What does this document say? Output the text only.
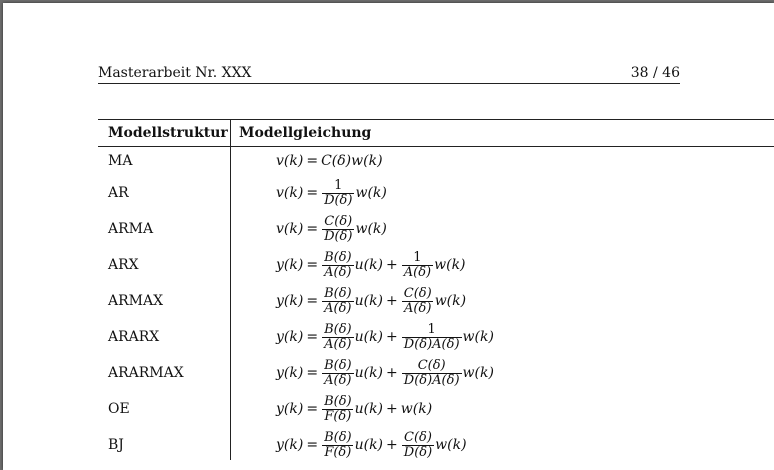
Masterarbeit Nr. XXX	38 / 46
Modellstruktur Modellgleichung
MA	v(k) = C(δ) w(k)
AR	$v(k) = \frac{1}{D(\delta)} w(k)$
ARMA	$v(k) = \frac{C(\delta)}{D(\delta)} w(k)$
ARX	$y(k) = \frac{B(\delta)}{A(\delta)} u(k) + \frac{1}{A(\delta)} w(k)$
ARMAX	$y(k) = \frac{B(\delta)}{A(\delta)} u(k) + \frac{C(\delta)}{A(\delta)} w(k)$
ARARX	$y(k) = \frac{B(\delta)}{A(\delta)} u(k) + \frac{1}{D(\delta)A(\delta)} w(k)$
ARARMAX	$y(k) = \frac{B(\delta)}{A(\delta)} u(k) + \frac{C(\delta)}{D(\delta)A(\delta)} w(k)$
OE	$y(k) = \frac{B(\delta)}{F(\delta)} u(k) + w(k)$
BJ	$y(k) = \frac{B(\delta)}{F(\delta)} u(k) + \frac{C(\delta)}{D(\delta)} w(k)$
